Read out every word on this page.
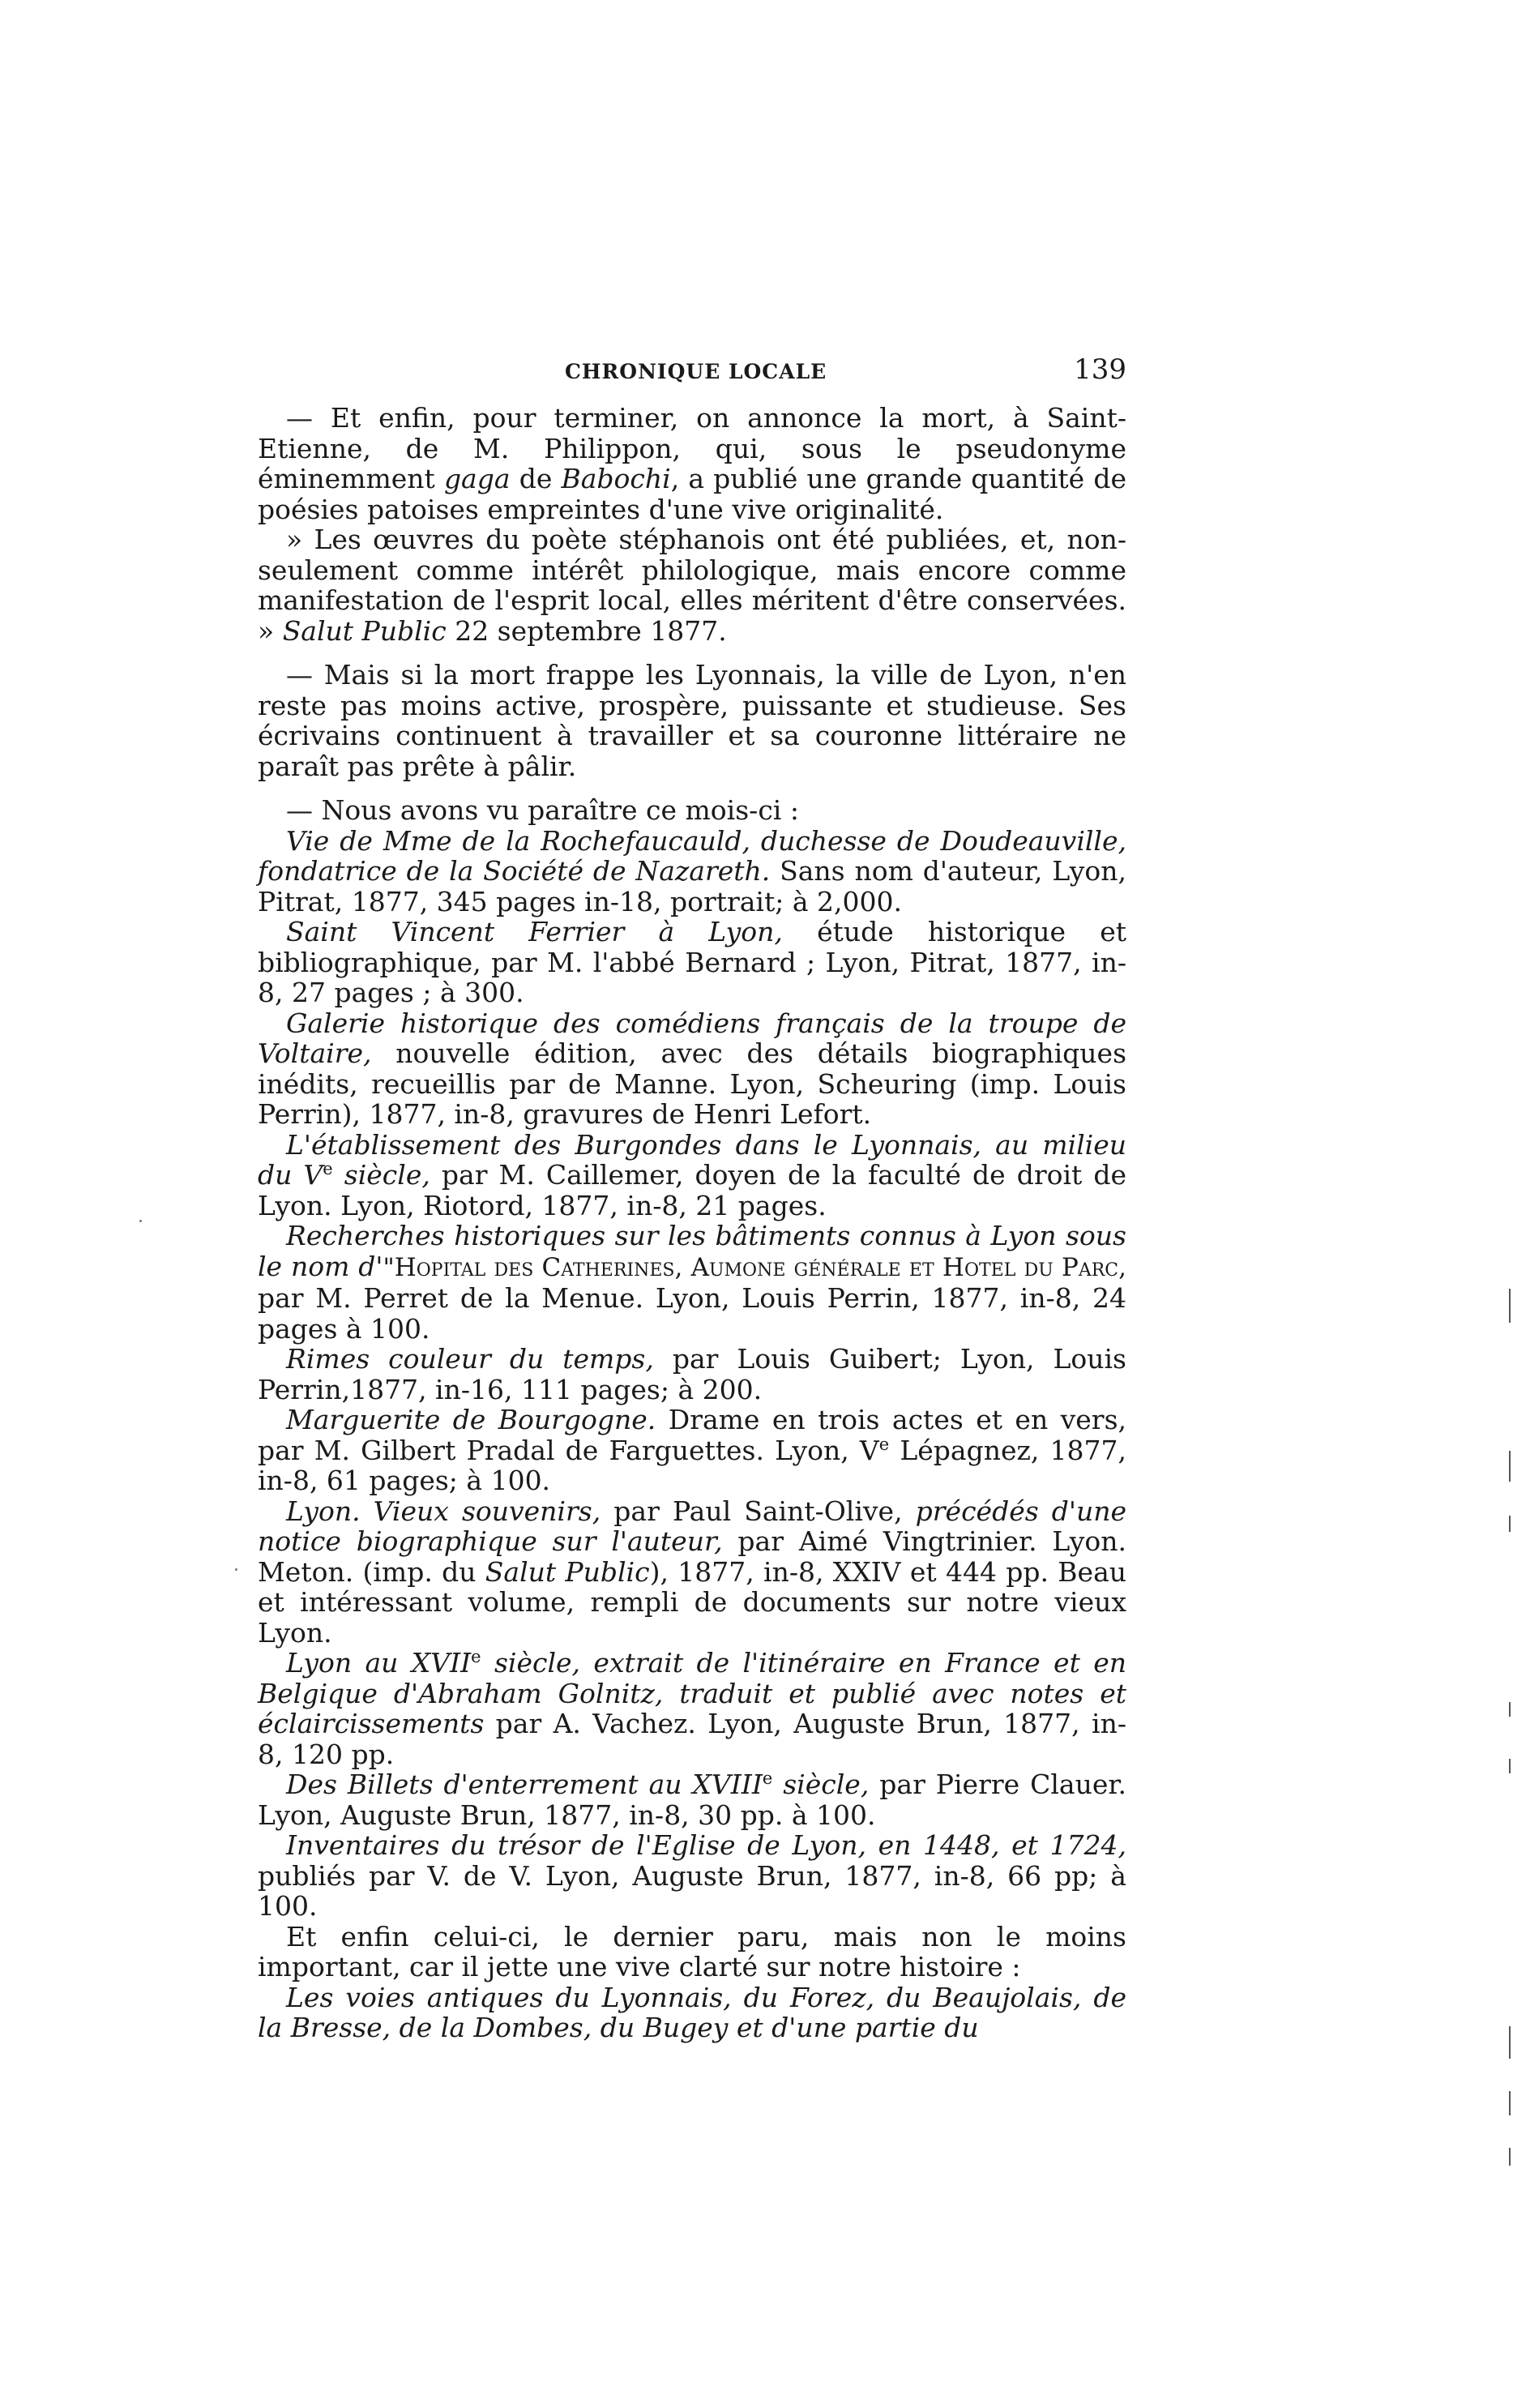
CHRONIQUE LOCALE	139

— Et enfin, pour terminer, on annonce la mort, à Saint-Etienne, de M. Philippon, qui, sous le pseudonyme éminemment gaga de Babochi, a publié une grande quantité de poésies patoises empreintes d'une vive originalité.

» Les œuvres du poète stéphanois ont été publiées, et, non-seulement comme intérêt philologique, mais encore comme manifestation de l'esprit local, elles méritent d'être conservées. » Salut Public 22 septembre 1877.

— Mais si la mort frappe les Lyonnais, la ville de Lyon, n'en reste pas moins active, prospère, puissante et studieuse. Ses écrivains continuent à travailler et sa couronne littéraire ne paraît pas prête à pâlir.

— Nous avons vu paraître ce mois-ci :

Vie de Mme de la Rochefaucauld, duchesse de Doudeauville, fondatrice de la Société de Nazareth. Sans nom d'auteur, Lyon, Pitrat, 1877, 345 pages in-18, portrait; à 2,000.

Saint Vincent Ferrier à Lyon, étude historique et bibliographique, par M. l'abbé Bernard ; Lyon, Pitrat, 1877, in-8, 27 pages ; à 300.

Galerie historique des comédiens français de la troupe de Voltaire, nouvelle édition, avec des détails biographiques inédits, recueillis par de Manne. Lyon, Scheuring (imp. Louis Perrin), 1877, in-8, gravures de Henri Lefort.

L'établissement des Burgondes dans le Lyonnais, au milieu du Ve siècle, par M. Caillemer, doyen de la faculté de droit de Lyon. Lyon, Riotord, 1877, in-8, 21 pages.

Recherches historiques sur les bâtiments connus à Lyon sous le nom d'"Hopital des Catherines, Aumone générale et Hotel du Parc, par M. Perret de la Menue. Lyon, Louis Perrin, 1877, in-8, 24 pages à 100.

Rimes couleur du temps, par Louis Guibert; Lyon, Louis Perrin,1877, in-16, 111 pages; à 200.

Marguerite de Bourgogne. Drame en trois actes et en vers, par M. Gilbert Pradal de Farguettes. Lyon, Ve Lépagnez, 1877, in-8, 61 pages; à 100.

Lyon. Vieux souvenirs, par Paul Saint-Olive, précédés d'une notice biographique sur l'auteur, par Aimé Vingtrinier. Lyon. Meton. (imp. du Salut Public), 1877, in-8, XXIV et 444 pp. Beau et intéressant volume, rempli de documents sur notre vieux Lyon.

Lyon au XVIIe siècle, extrait de l'itinéraire en France et en Belgique d'Abraham Golnitz, traduit et publié avec notes et éclaircissements par A. Vachez. Lyon, Auguste Brun, 1877, in-8, 120 pp.

Des Billets d'enterrement au XVIIIe siècle, par Pierre Clauer. Lyon, Auguste Brun, 1877, in-8, 30 pp. à 100.

Inventaires du trésor de l'Eglise de Lyon, en 1448, et 1724, publiés par V. de V. Lyon, Auguste Brun, 1877, in-8, 66 pp; à 100.

Et enfin celui-ci, le dernier paru, mais non le moins important, car il jette une vive clarté sur notre histoire :

Les voies antiques du Lyonnais, du Forez, du Beaujolais, de la Bresse, de la Dombes, du Bugey et d'une partie du
